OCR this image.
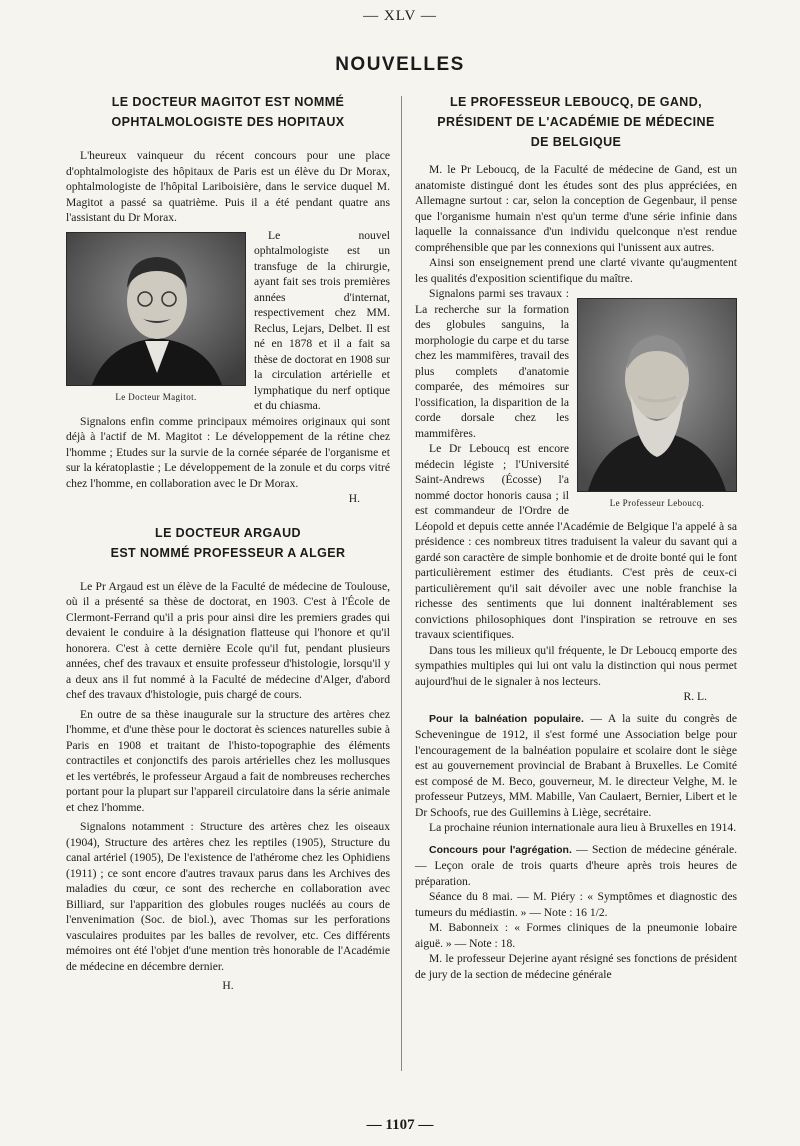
— XLV —
NOUVELLES
LE DOCTEUR MAGITOT EST NOMMÉ
OPHTALMOLOGISTE DES HOPITAUX

L'heureux vainqueur du récent concours pour une place d'ophtalmologiste des hôpitaux de Paris est un élève du Dr Morax, ophtalmologiste de l'hôpital Lariboisière, dans le service duquel M. Magitot a passé sa quatrième. Puis il a été pendant quatre ans l'assistant du Dr Morax.

Le Docteur Magitot.

Le nouvel ophtalmologiste est un transfuge de la chirurgie, ayant fait ses trois premières années d'internat, respectivement chez MM. Reclus, Lejars, Delbet. Il est né en 1878 et il a fait sa thèse de doctorat en 1908 sur la circulation artérielle et lymphatique du nerf optique et du chiasma.

Signalons enfin comme principaux mémoires originaux qui sont déjà à l'actif de M. Magitot : Le développement de la rétine chez l'homme ; Etudes sur la survie de la cornée séparée de l'organisme et sur la kératoplastie ; Le développement de la zonule et du corps vitré chez l'homme, en collaboration avec le Dr Morax.

H.

LE DOCTEUR ARGAUD
EST NOMMÉ PROFESSEUR A ALGER

Le Pr Argaud est un élève de la Faculté de médecine de Toulouse, où il a présenté sa thèse de doctorat, en 1903. C'est à l'École de Clermont-Ferrand qu'il a pris pour ainsi dire les premiers grades qui devaient le conduire à la désignation flatteuse qui l'honore et qu'il honorera. C'est à cette dernière Ecole qu'il fut, pendant plusieurs années, chef des travaux et ensuite professeur d'histologie, lorsqu'il y a deux ans il fut nommé à la Faculté de médecine d'Alger, d'abord chef des travaux d'histologie, puis chargé de cours.

En outre de sa thèse inaugurale sur la structure des artères chez l'homme, et d'une thèse pour le doctorat ès sciences naturelles subie à Paris en 1908 et traitant de l'histo-topographie des éléments contractiles et conjonctifs des parois artérielles chez les mollusques et les vertébrés, le professeur Argaud a fait de nombreuses recherches portant pour la plupart sur l'appareil circulatoire dans la série animale et chez l'homme.

Signalons notamment : Structure des artères chez les oiseaux (1904), Structure des artères chez les reptiles (1905), Structure du canal artériel (1905), De l'existence de l'athérome chez les Ophidiens (1911) ; ce sont encore d'autres travaux parus dans les Archives des maladies du cœur, ce sont des recherche en collaboration avec Billiard, sur l'apparition des globules rouges nucléés au cours de l'envenimation (Soc. de biol.), avec Thomas sur les perforations vasculaires produites par les balles de revolver, etc. Ces différents mémoires ont été l'objet d'une mention très honorable de l'Académie de médecine en décembre dernier.

H.

LE PROFESSEUR LEBOUCQ, DE GAND,
PRÉSIDENT DE L'ACADÉMIE DE MÉDECINE
DE BELGIQUE

M. le Pr Leboucq, de la Faculté de médecine de Gand, est un anatomiste distingué dont les études sont des plus appréciées, en Allemagne surtout : car, selon la conception de Gegenbaur, il pense que l'organisme humain n'est qu'un terme d'une série infinie dans laquelle la connaissance d'un individu quelconque n'est rendue compréhensible que par les connexions qui l'unissent aux autres.

Ainsi son enseignement prend une clarté vivante qu'augmentent les qualités d'exposition scientifique du maître.

Le Professeur Leboucq.

Signalons parmi ses travaux : La recherche sur la formation des globules sanguins, la morphologie du carpe et du tarse chez les mammifères, travail des plus complets d'anatomie comparée, des mémoires sur l'ossification, la disparition de la corde dorsale chez les mammifères.

Le Dr Leboucq est encore médecin légiste ; l'Université Saint-Andrews (Écosse) l'a nommé doctor honoris causa ; il est commandeur de l'Ordre de Léopold et depuis cette année l'Académie de Belgique l'a appelé à sa présidence : ces nombreux titres traduisent la valeur du savant qui a gardé son caractère de simple bonhomie et de droite bonté qui le font particulièrement estimer des étudiants. C'est près de ceux-ci particulièrement qu'il sait dévoiler avec une noble franchise la richesse des sentiments que lui donnent inaltérablement ses convictions philosophiques dont l'inspiration se retrouve en ses travaux scientifiques.

Dans tous les milieux qu'il fréquente, le Dr Leboucq emporte des sympathies multiples qui lui ont valu la distinction qui nous permet aujourd'hui de le signaler à nos lecteurs.

R. L.

Pour la balnéation populaire. — A la suite du congrès de Scheveningue de 1912, il s'est formé une Association belge pour l'encouragement de la balnéation populaire et scolaire dont le siège est au gouvernement provincial de Brabant à Bruxelles. Le Comité est composé de M. Beco, gouverneur, M. le directeur Velghe, M. le professeur Putzeys, MM. Mabille, Van Caulaert, Bernier, Libert et le Dr Schoofs, rue des Guillemins à Liège, secrétaire.

La prochaine réunion internationale aura lieu à Bruxelles en 1914.

Concours pour l'agrégation. — Section de médecine générale. — Leçon orale de trois quarts d'heure après trois heures de préparation.

Séance du 8 mai. — M. Piéry : « Symptômes et diagnostic des tumeurs du médiastin. » — Note : 16 1/2.

M. Babonneix : « Formes cliniques de la pneumonie lobaire aiguë. » — Note : 18.

M. le professeur Dejerine ayant résigné ses fonctions de président de jury de la section de médecine générale

— 1107 —
